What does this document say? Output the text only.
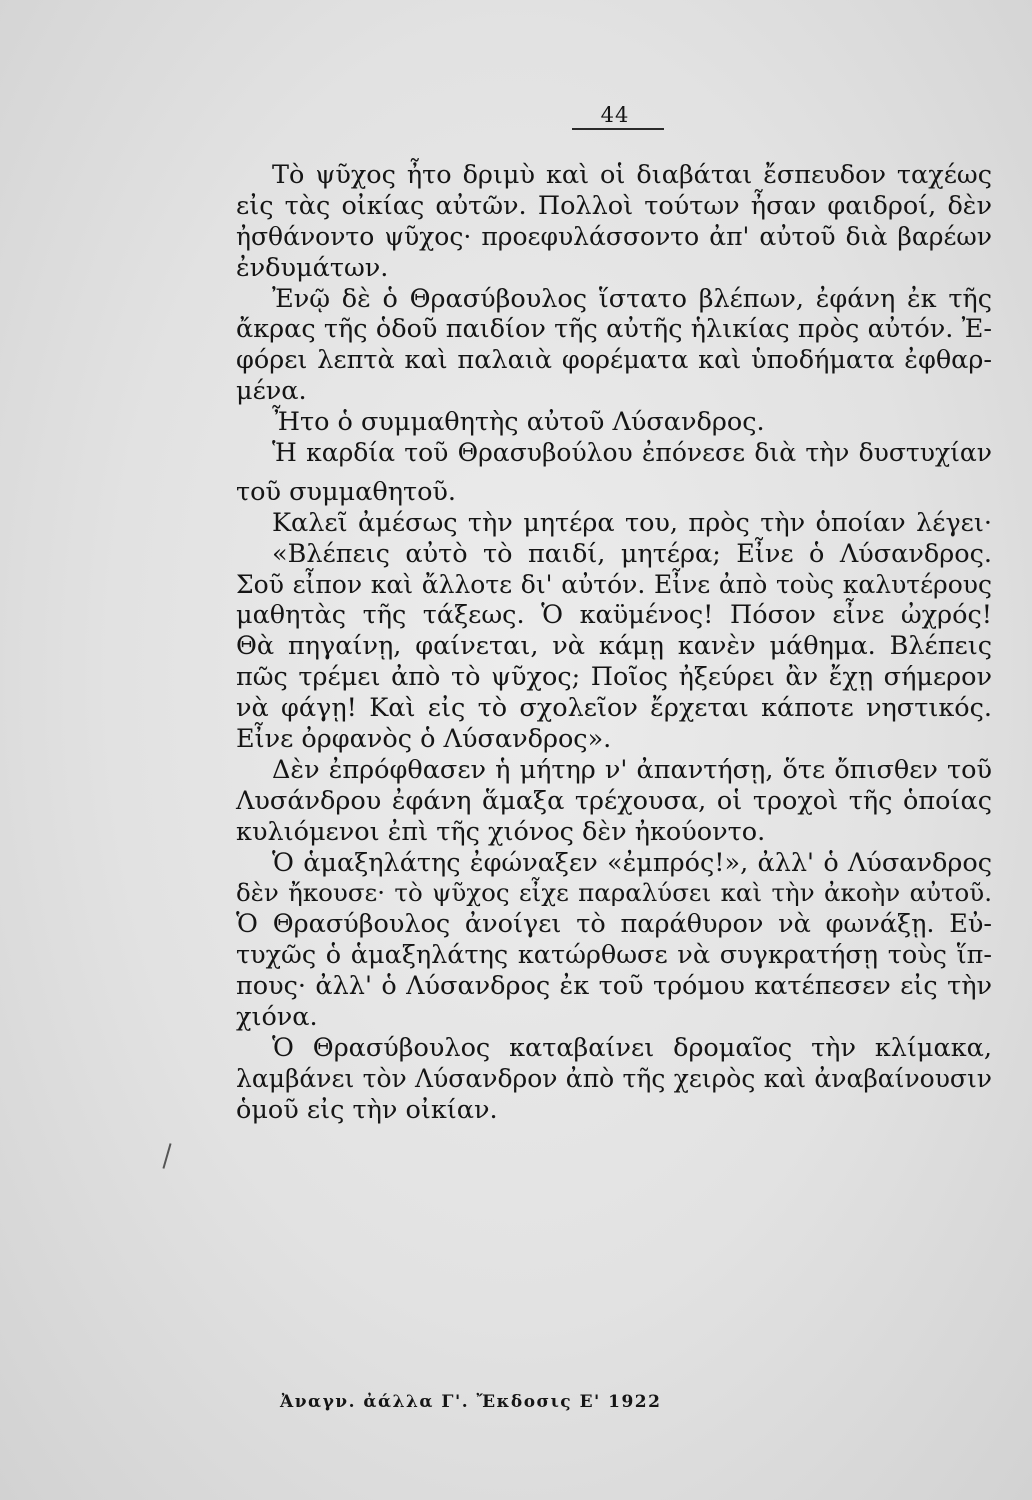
44
Τὸ ψῦχος ἦτο δριμὺ καὶ οἱ διαβάται ἔσπευδον ταχέως
εἰς τὰς οἰκίας αὐτῶν. Πολλοὶ τούτων ἦσαν φαιδροί, δὲν
ἠσθάνοντο ψῦχος· προεφυλάσσοντο ἀπ' αὐτοῦ διὰ βαρέων
ἐνδυμάτων.
Ἐνῷ δὲ ὁ Θρασύβουλος ἵστατο βλέπων, ἐφάνη ἐκ τῆς
ἄκρας τῆς ὁδοῦ παιδίον τῆς αὐτῆς ἡλικίας πρὸς αὐτόν. Ἐ-
φόρει λεπτὰ καὶ παλαιὰ φορέματα καὶ ὑποδήματα ἐφθαρ-
μένα.
Ἦτο ὁ συμμαθητὴς αὐτοῦ Λύσανδρος.
Ἡ καρδία τοῦ Θρασυβούλου ἐπόνεσε διὰ τὴν δυστυχίαν
τοῦ συμμαθητοῦ.
Καλεῖ ἀμέσως τὴν μητέρα του, πρὸς τὴν ὁποίαν λέγει·
«Βλέπεις αὐτὸ τὸ παιδί, μητέρα; Εἶνε ὁ Λύσανδρος.
Σοῦ εἶπον καὶ ἄλλοτε δι' αὐτόν. Εἶνε ἀπὸ τοὺς καλυτέρους
μαθητὰς τῆς τάξεως. Ὁ καϋμένος! Πόσον εἶνε ὠχρός!
Θὰ πηγαίνῃ, φαίνεται, νὰ κάμῃ κανὲν μάθημα. Βλέπεις
πῶς τρέμει ἀπὸ τὸ ψῦχος; Ποῖος ἠξεύρει ἂν ἔχῃ σήμερον
νὰ φάγῃ! Καὶ εἰς τὸ σχολεῖον ἔρχεται κάποτε νηστικός.
Εἶνε ὀρφανὸς ὁ Λύσανδρος».
Δὲν ἐπρόφθασεν ἡ μήτηρ ν' ἀπαντήσῃ, ὅτε ὄπισθεν τοῦ
Λυσάνδρου ἐφάνη ἅμαξα τρέχουσα, οἱ τροχοὶ τῆς ὁποίας
κυλιόμενοι ἐπὶ τῆς χιόνος δὲν ἠκούοντο.
Ὁ ἁμαξηλάτης ἐφώναξεν «ἐμπρός!», ἀλλ' ὁ Λύσανδρος
δὲν ἤκουσε· τὸ ψῦχος εἶχε παραλύσει καὶ τὴν ἀκοὴν αὐτοῦ.
Ὁ Θρασύβουλος ἀνοίγει τὸ παράθυρον νὰ φωνάξῃ. Εὐ-
τυχῶς ὁ ἁμαξηλάτης κατώρθωσε νὰ συγκρατήσῃ τοὺς ἵπ-
πους· ἀλλ' ὁ Λύσανδρος ἐκ τοῦ τρόμου κατέπεσεν εἰς τὴν
χιόνα.
Ὁ Θρασύβουλος καταβαίνει δρομαῖος τὴν κλίμακα,
λαμβάνει τὸν Λύσανδρον ἀπὸ τῆς χειρὸς καὶ ἀναβαίνουσιν
ὁμοῦ εἰς τὴν οἰκίαν.
Ἀναγν. ἀάλλα Γ'. Ἔκδοσις Ε' 1922
